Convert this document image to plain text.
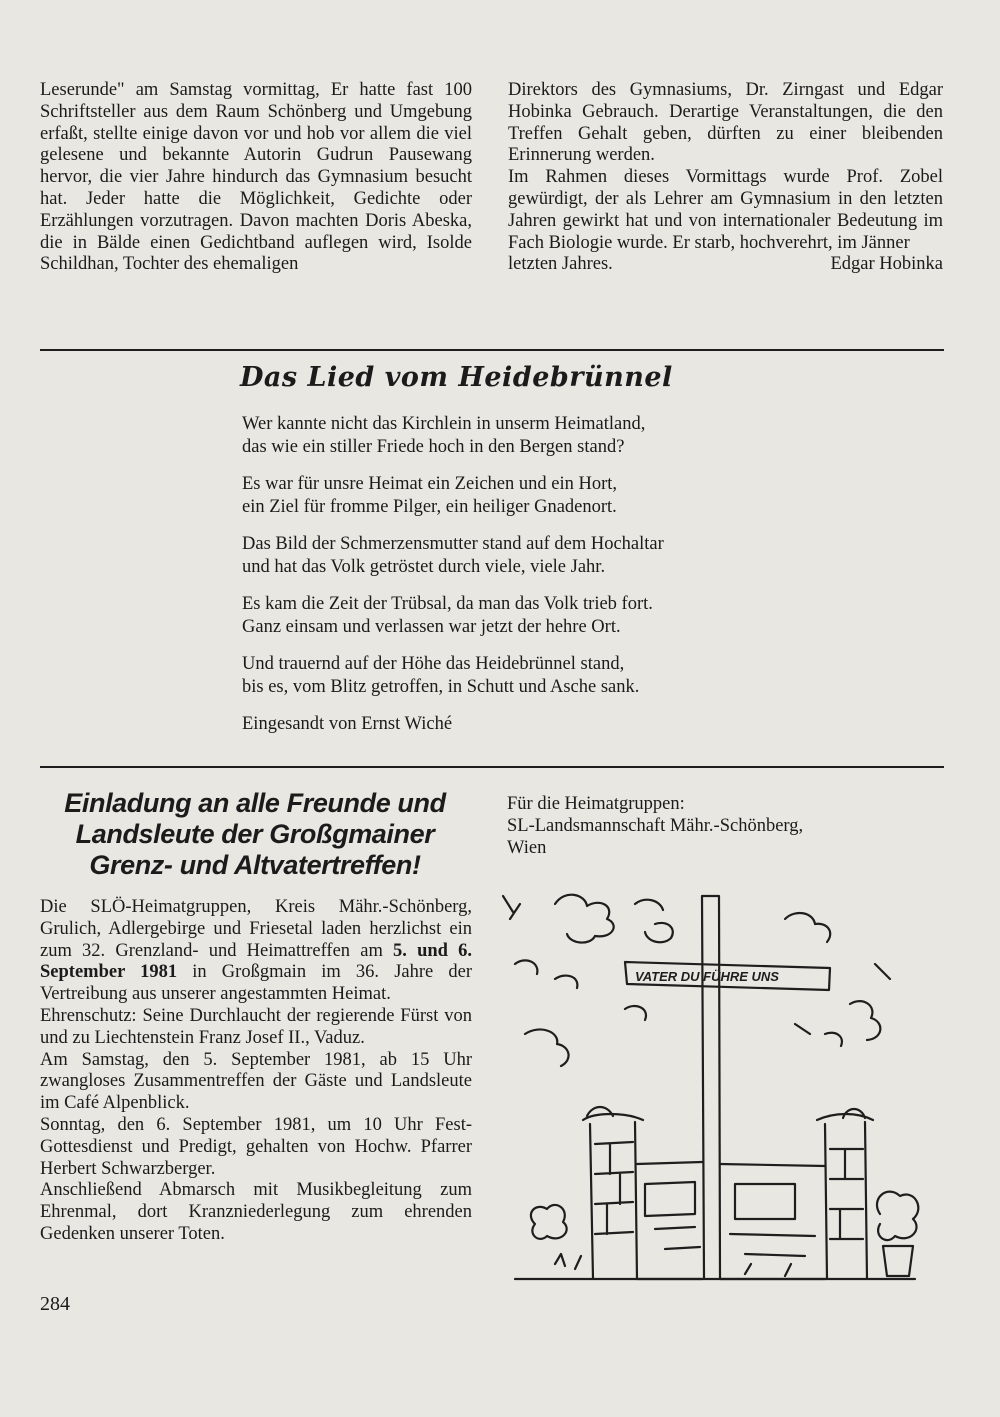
Leserunde" am Samstag vormittag, Er hatte fast 100 Schriftsteller aus dem Raum Schönberg und Umgebung erfaßt, stellte einige davon vor und hob vor allem die viel gelesene und bekannte Autorin Gudrun Pausewang hervor, die vier Jahre hindurch das Gymnasium besucht hat. Jeder hatte die Möglichkeit, Gedichte oder Erzählungen vorzutragen. Davon machten Doris Abeska, die in Bälde einen Gedichtband auflegen wird, Isolde Schildhan, Tochter des ehemaligen

Direktors des Gymnasiums, Dr. Zirngast und Edgar Hobinka Gebrauch. Derartige Veranstaltungen, die den Treffen Gehalt geben, dürften zu einer bleibenden Erinnerung werden.

Im Rahmen dieses Vormittags wurde Prof. Zobel gewürdigt, der als Lehrer am Gymnasium in den letzten Jahren gewirkt hat und von internationaler Bedeutung im Fach Biologie wurde. Er starb, hochverehrt, im Jänner

letzten Jahres.	Edgar Hobinka
Das Lied vom Heidebrünnel
Wer kannte nicht das Kirchlein in unserm Heimatland,
das wie ein stiller Friede hoch in den Bergen stand?
Es war für unsre Heimat ein Zeichen und ein Hort,
ein Ziel für fromme Pilger, ein heiliger Gnadenort.
Das Bild der Schmerzensmutter stand auf dem Hochaltar
und hat das Volk getröstet durch viele, viele Jahr.
Es kam die Zeit der Trübsal, da man das Volk trieb fort.
Ganz einsam und verlassen war jetzt der hehre Ort.
Und trauernd auf der Höhe das Heidebrünnel stand,
bis es, vom Blitz getroffen, in Schutt und Asche sank.
Eingesandt von Ernst Wiché
Einladung an alle Freunde und
Landsleute der Großgmainer
Grenz- und Altvatertreffen!

Die SLÖ-Heimatgruppen, Kreis Mähr.-Schönberg, Grulich, Adlergebirge und Friesetal laden herzlichst ein zum 32. Grenzland- und Heimattreffen am 5. und 6. September 1981 in Großgmain im 36. Jahre der Vertreibung aus unserer angestammten Heimat.

Ehrenschutz: Seine Durchlaucht der regierende Fürst von und zu Liechtenstein Franz Josef II., Vaduz.

Am Samstag, den 5. September 1981, ab 15 Uhr zwangloses Zusammentreffen der Gäste und Landsleute im Café Alpenblick.

Sonntag, den 6. September 1981, um 10 Uhr Fest-Gottesdienst und Predigt, gehalten von Hochw. Pfarrer Herbert Schwarzberger.

Anschließend Abmarsch mit Musikbegleitung zum Ehrenmal, dort Kranzniederlegung zum ehrenden Gedenken unserer Toten.

Für die Heimatgruppen:
SL-Landsmannschaft Mähr.-Schönberg,
Wien
VATER DU FÜHRE UNS
284
